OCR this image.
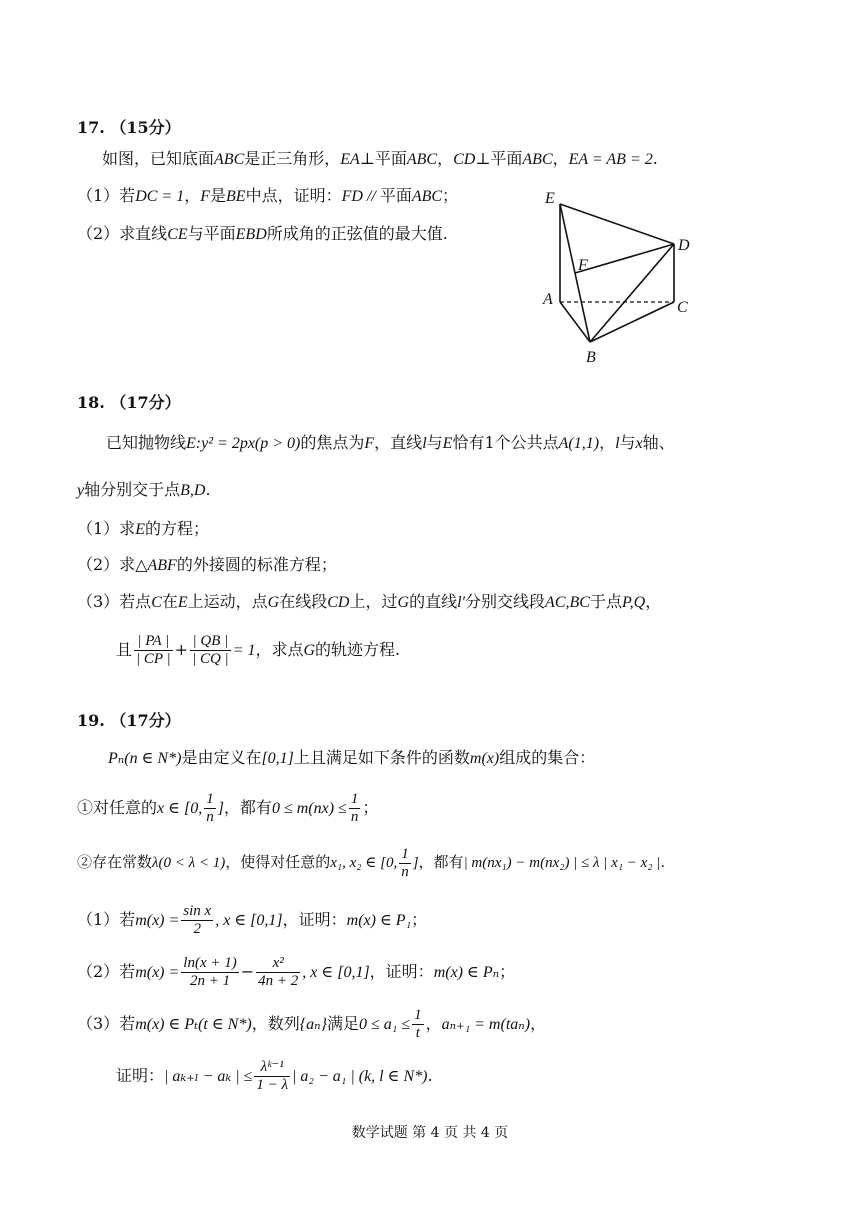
17. （15分）
如图，已知底面ABC是正三角形，EA⊥平面ABC，CD⊥平面ABC，EA = AB = 2.
（1）若DC = 1，F是BE中点，证明：FD // 平面ABC；
（2）求直线CE与平面EBD所成角的正弦值的最大值.
E
D
F
A	C
B
18. （17分）
已知抛物线E:y² = 2px(p > 0)的焦点为F，直线l与E恰有1个公共点A(1,1)，l与x轴、
y轴分别交于点B,D.
（1）求E的方程；
（2）求△ABF的外接圆的标准方程；
（3）若点C在E上运动，点G在线段CD上，过G的直线l′分别交线段AC,BC于点P,Q，
且 $\frac{| PA |}{| CP |} + \frac{| QB |}{| CQ |} = 1$，求点G的轨迹方程.
19. （17分）
Pₙ(n ∈ N*)是由定义在[0,1]上且满足如下条件的函数m(x)组成的集合：
①对任意的x ∈ [0, $\frac{1}{n}$ ]，都有$0 \le m(nx) \le \frac{1}{n}$ ；
②存在常数λ(0 < λ < 1)，使得对任意的x₁, x₂ ∈ [0, $\frac{1}{n}$ ]，都有| m(nx₁) − m(nx₂) | ≤ λ | x₁ − x₂ |.
（1）若$m(x) = \frac{\text{sin x}}{2}$ , x ∈ [0,1]，证明：m(x) ∈ P₁；
（2）若$m(x) = \frac{\ln(x + 1)}{2n + 1} - \frac{\text{x²}}{4n + 2}$ , x ∈ [0,1]，证明：m(x) ∈ Pₙ；
（3）若m(x) ∈ Pₜ(t ∈ N*)，数列{aₙ}满足$0 \le a_1 \le \frac{1}{t}$ ，aₙ₊₁ = m(taₙ)，
证明：| aₖ₊ₗ − aₖ | ≤ $\frac{\text{λᵏ⁻¹}}{1 - \lambda}$ | a₂ − a₁ | (k, l ∈ N*).
数学试题 第 4 页 共 4 页
